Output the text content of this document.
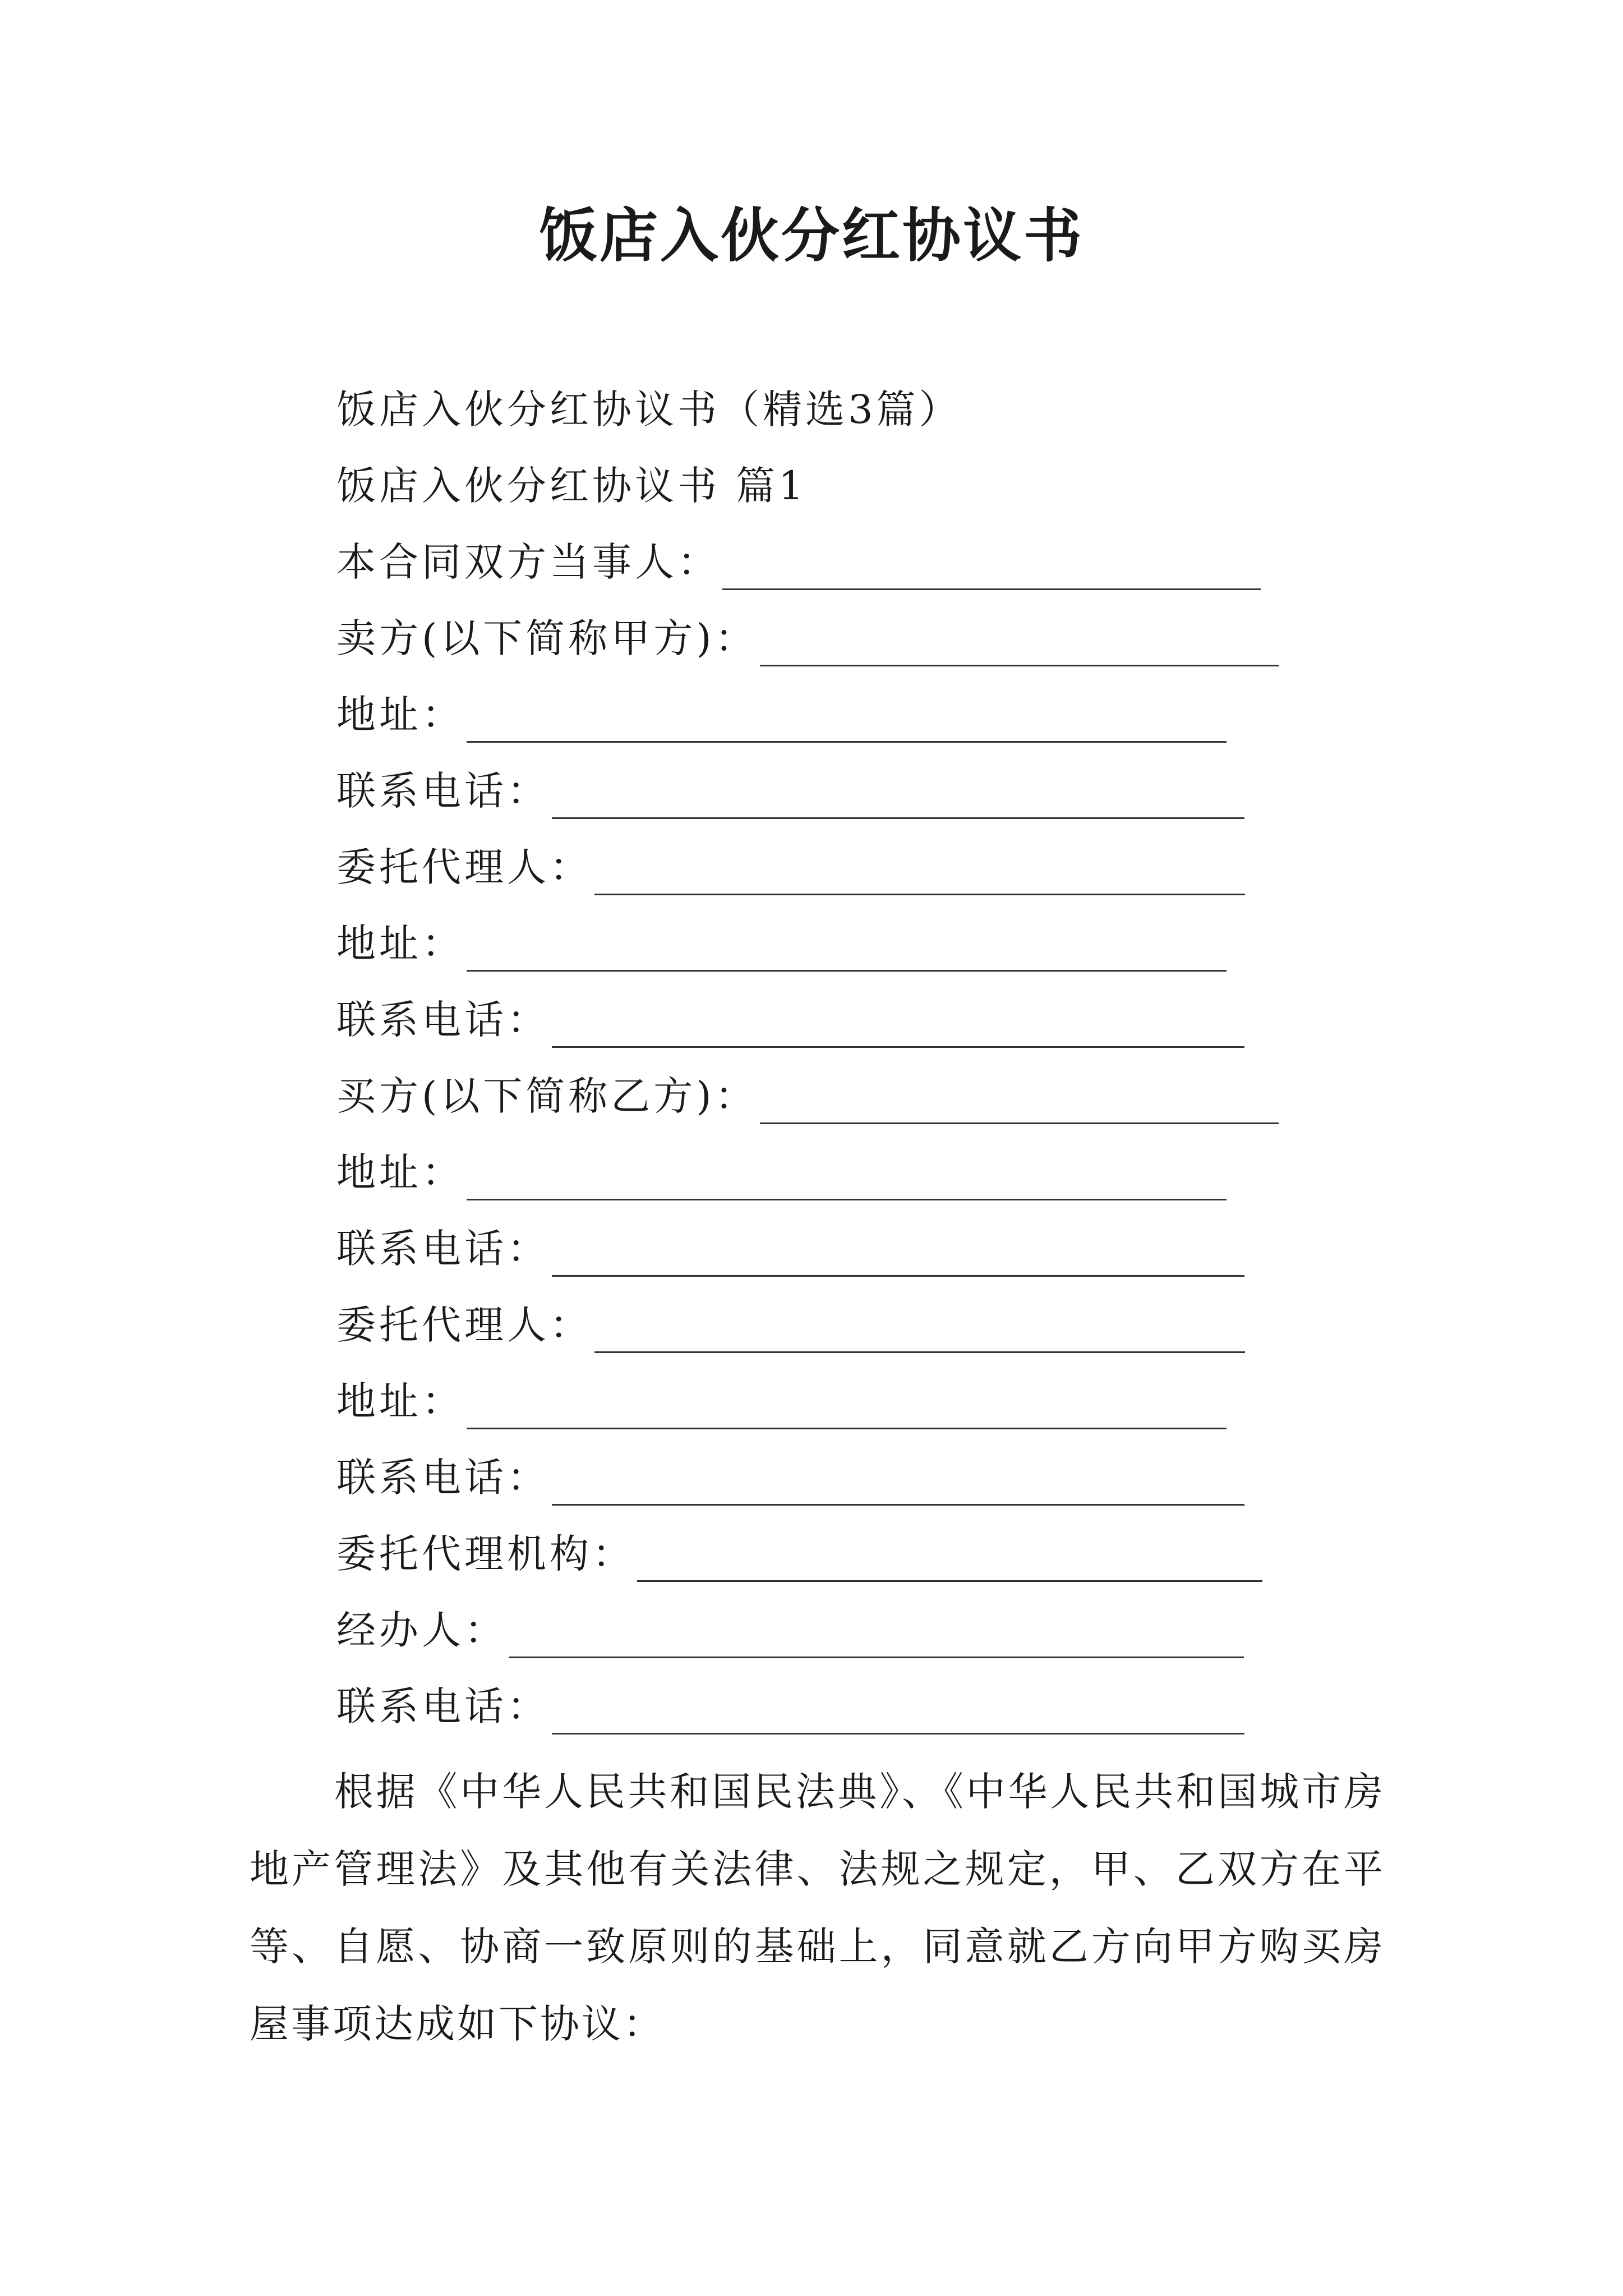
饭店入伙分红协议书
饭店入伙分红协议书（精选3篇）
饭店入伙分红协议书 篇1
本合同双方当事人：
卖方(以下简称甲方)：
地址：
联系电话：
委托代理人：
地址：
联系电话：
买方(以下简称乙方)：
地址：
联系电话：
委托代理人：
地址：
联系电话：
委托代理机构：
经办人：
联系电话：
根据《中华人民共和国民法典》、《中华人民共和国城市房地产管理法》及其他有关法律、法规之规定，甲、乙双方在平等、自愿、协商一致原则的基础上，同意就乙方向甲方购买房屋事项达成如下协议：
